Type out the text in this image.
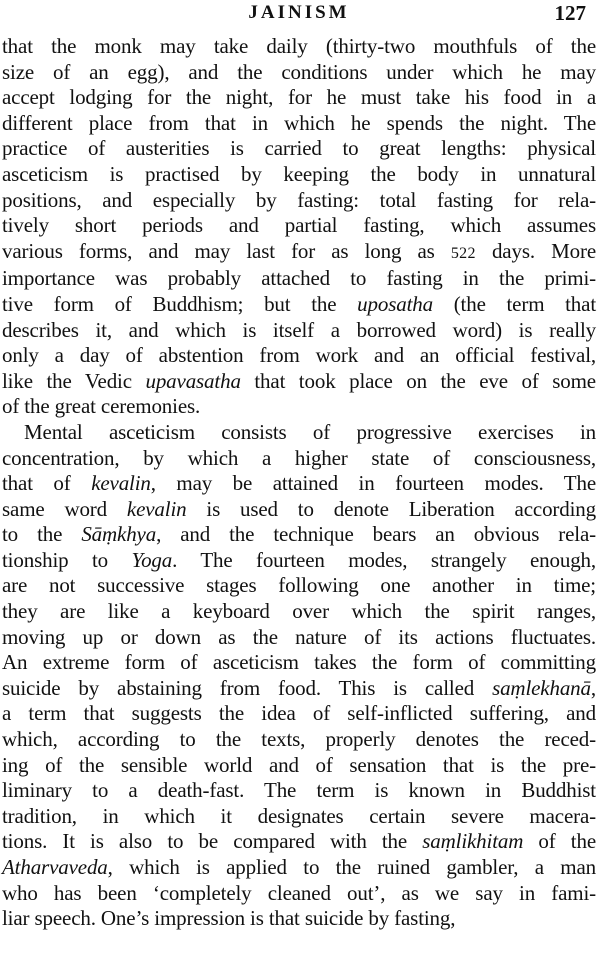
JAINISM	127
that the monk may take daily (thirty-two mouthfuls of the
size of an egg), and the conditions under which he may
accept lodging for the night, for he must take his food in a
different place from that in which he spends the night. The
practice of austerities is carried to great lengths: physical
asceticism is practised by keeping the body in unnatural
positions, and especially by fasting: total fasting for rela-
tively short periods and partial fasting, which assumes
various forms, and may last for as long as 522 days. More
importance was probably attached to fasting in the primi-
tive form of Buddhism; but the uposatha (the term that
describes it, and which is itself a borrowed word) is really
only a day of abstention from work and an official festival,
like the Vedic upavasatha that took place on the eve of some
of the great ceremonies.
Mental asceticism consists of progressive exercises in
concentration, by which a higher state of consciousness,
that of kevalin, may be attained in fourteen modes. The
same word kevalin is used to denote Liberation according
to the Sāṃkhya, and the technique bears an obvious rela-
tionship to Yoga. The fourteen modes, strangely enough,
are not successive stages following one another in time;
they are like a keyboard over which the spirit ranges,
moving up or down as the nature of its actions fluctuates.
An extreme form of asceticism takes the form of committing
suicide by abstaining from food. This is called saṃlekhanā,
a term that suggests the idea of self-inflicted suffering, and
which, according to the texts, properly denotes the reced-
ing of the sensible world and of sensation that is the pre-
liminary to a death-fast. The term is known in Buddhist
tradition, in which it designates certain severe macera-
tions. It is also to be compared with the saṃlikhitam of the
Atharvaveda, which is applied to the ruined gambler, a man
who has been ‘completely cleaned out’, as we say in fami-
liar speech. One’s impression is that suicide by fasting,
